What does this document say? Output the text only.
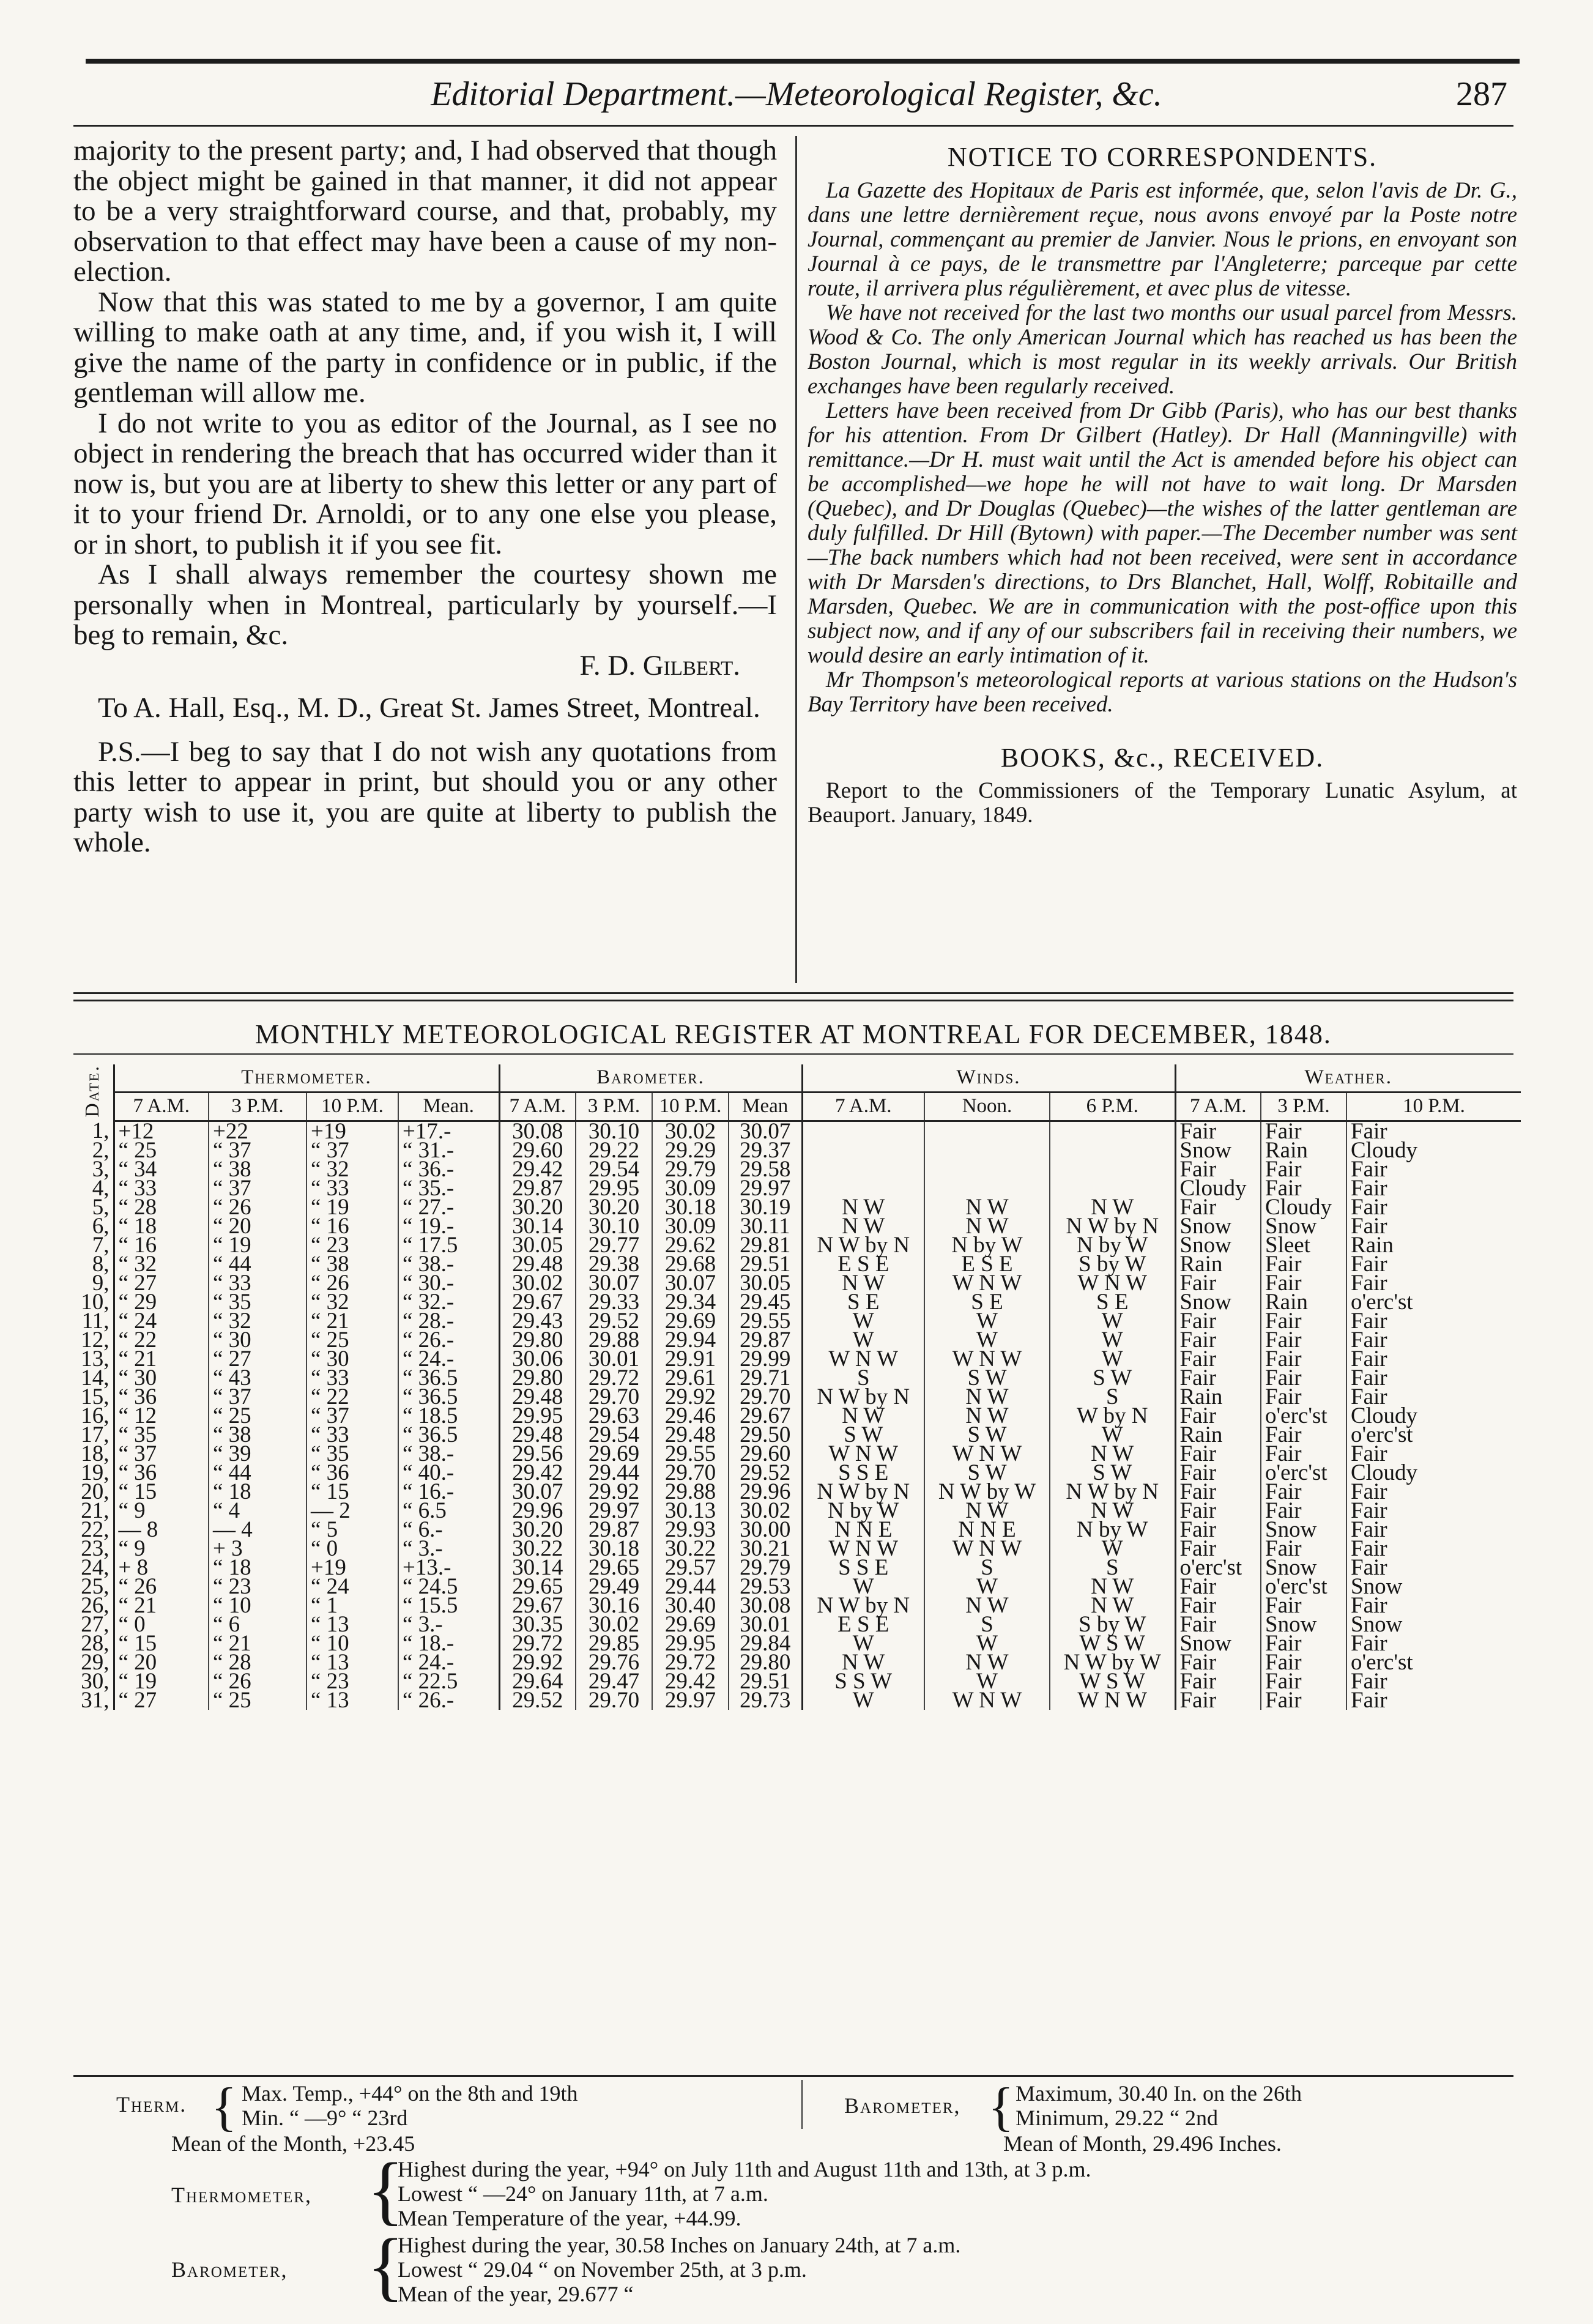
Editorial Department.—Meteorological Register, &c.	287

majority to the present party; and, I had observed that though the object might be gained in that manner, it did not appear to be a very straightforward course, and that, probably, my observation to that effect may have been a cause of my non-election.

Now that this was stated to me by a governor, I am quite willing to make oath at any time, and, if you wish it, I will give the name of the party in confidence or in public, if the gentleman will allow me.

I do not write to you as editor of the Journal, as I see no object in rendering the breach that has occurred wider than it now is, but you are at liberty to shew this letter or any part of it to your friend Dr. Arnoldi, or to any one else you please, or in short, to publish it if you see fit.

As I shall always remember the courtesy shown me personally when in Montreal, particularly by yourself.—I beg to remain, &c.

F. D. Gilbert.

To A. Hall, Esq., M. D., Great St. James Street, Montreal.

P.S.—I beg to say that I do not wish any quotations from this letter to appear in print, but should you or any other party wish to use it, you are quite at liberty to publish the whole.

NOTICE TO CORRESPONDENTS.

La Gazette des Hopitaux de Paris est informée, que, selon l'avis de Dr. G., dans une lettre dernièrement reçue, nous avons envoyé par la Poste notre Journal, commençant au premier de Janvier. Nous le prions, en envoyant son Journal à ce pays, de le transmettre par l'Angleterre; parceque par cette route, il arrivera plus régulièrement, et avec plus de vitesse.

We have not received for the last two months our usual parcel from Messrs. Wood & Co. The only American Journal which has reached us has been the Boston Journal, which is most regular in its weekly arrivals. Our British exchanges have been regularly received.

Letters have been received from Dr Gibb (Paris), who has our best thanks for his attention. From Dr Gilbert (Hatley). Dr Hall (Manningville) with remittance.—Dr H. must wait until the Act is amended before his object can be accomplished—we hope he will not have to wait long. Dr Marsden (Quebec), and Dr Douglas (Quebec)—the wishes of the latter gentleman are duly fulfilled. Dr Hill (Bytown) with paper.—The December number was sent—The back numbers which had not been received, were sent in accordance with Dr Marsden's directions, to Drs Blanchet, Hall, Wolff, Robitaille and Marsden, Quebec. We are in communication with the post-office upon this subject now, and if any of our subscribers fail in receiving their numbers, we would desire an early intimation of it.

Mr Thompson's meteorological reports at various stations on the Hudson's Bay Territory have been received.

BOOKS, &c., RECEIVED.
Report to the Commissioners of the Temporary Lunatic Asylum, at Beauport. January, 1849.
MONTHLY METEOROLOGICAL REGISTER AT MONTREAL FOR DECEMBER, 1848.
Date.	Thermometer.				Barometer.				Winds.			Weather.		
	7 A.M.	3 P.M.	10 P.M.	Mean.	7 A.M.	3 P.M.	10 P.M.	Mean	7 A.M.	Noon.	6 P.M.	7 A.M.	3 P.M.	10 P.M.
1,	+12	+22	+19	+17.-	30.08	30.10	30.02	30.07				Fair	Fair	Fair
2,	“ 25	“ 37	“ 37	“ 31.-	29.60	29.22	29.29	29.37				Snow	Rain	Cloudy
3,	“ 34	“ 38	“ 32	“ 36.-	29.42	29.54	29.79	29.58				Fair	Fair	Fair
4,	“ 33	“ 37	“ 33	“ 35.-	29.87	29.95	30.09	29.97				Cloudy	Fair	Fair
5,	“ 28	“ 26	“ 19	“ 27.-	30.20	30.20	30.18	30.19	N W	N W	N W	Fair	Cloudy	Fair
6,	“ 18	“ 20	“ 16	“ 19.-	30.14	30.10	30.09	30.11	N W	N W	N W by N	Snow	Snow	Fair
7,	“ 16	“ 19	“ 23	“ 17.5	30.05	29.77	29.62	29.81	N W by N	N by W	N by W	Snow	Sleet	Rain
8,	“ 32	“ 44	“ 38	“ 38.-	29.48	29.38	29.68	29.51	E S E	E S E	S by W	Rain	Fair	Fair
9,	“ 27	“ 33	“ 26	“ 30.-	30.02	30.07	30.07	30.05	N W	W N W	W N W	Fair	Fair	Fair
10,	“ 29	“ 35	“ 32	“ 32.-	29.67	29.33	29.34	29.45	S E	S E	S E	Snow	Rain	o'erc'st
11,	“ 24	“ 32	“ 21	“ 28.-	29.43	29.52	29.69	29.55	W	W	W	Fair	Fair	Fair
12,	“ 22	“ 30	“ 25	“ 26.-	29.80	29.88	29.94	29.87	W	W	W	Fair	Fair	Fair
13,	“ 21	“ 27	“ 30	“ 24.-	30.06	30.01	29.91	29.99	W N W	W N W	W	Fair	Fair	Fair
14,	“ 30	“ 43	“ 33	“ 36.5	29.80	29.72	29.61	29.71	S	S W	S W	Fair	Fair	Fair
15,	“ 36	“ 37	“ 22	“ 36.5	29.48	29.70	29.92	29.70	N W by N	N W	S	Rain	Fair	Fair
16,	“ 12	“ 25	“ 37	“ 18.5	29.95	29.63	29.46	29.67	N W	N W	W by N	Fair	o'erc'st	Cloudy
17,	“ 35	“ 38	“ 33	“ 36.5	29.48	29.54	29.48	29.50	S W	S W	W	Rain	Fair	o'erc'st
18,	“ 37	“ 39	“ 35	“ 38.-	29.56	29.69	29.55	29.60	W N W	W N W	N W	Fair	Fair	Fair
19,	“ 36	“ 44	“ 36	“ 40.-	29.42	29.44	29.70	29.52	S S E	S W	S W	Fair	o'erc'st	Cloudy
20,	“ 15	“ 18	“ 15	“ 16.-	30.07	29.92	29.88	29.96	N W by N	N W by W	N W by N	Fair	Fair	Fair
21,	“ 9	“ 4	— 2	“ 6.5	29.96	29.97	30.13	30.02	N by W	N W	N W	Fair	Fair	Fair
22,	— 8	— 4	“ 5	“ 6.-	30.20	29.87	29.93	30.00	N N E	N N E	N by W	Fair	Snow	Fair
23,	“ 9	+ 3	“ 0	“ 3.-	30.22	30.18	30.22	30.21	W N W	W N W	W	Fair	Fair	Fair
24,	+ 8	“ 18	+19	+13.-	30.14	29.65	29.57	29.79	S S E	S	S	o'erc'st	Snow	Fair
25,	“ 26	“ 23	“ 24	“ 24.5	29.65	29.49	29.44	29.53	W	W	N W	Fair	o'erc'st	Snow
26,	“ 21	“ 10	“ 1	“ 15.5	29.67	30.16	30.40	30.08	N W by N	N W	N W	Fair	Fair	Fair
27,	“ 0	“ 6	“ 13	“ 3.-	30.35	30.02	29.69	30.01	E S E	S	S by W	Fair	Snow	Snow
28,	“ 15	“ 21	“ 10	“ 18.-	29.72	29.85	29.95	29.84	W	W	W S W	Snow	Fair	Fair
29,	“ 20	“ 28	“ 13	“ 24.-	29.92	29.76	29.72	29.80	N W	N W	N W by W	Fair	Fair	o'erc'st
30,	“ 19	“ 26	“ 23	“ 22.5	29.64	29.47	29.42	29.51	S S W	W	W S W	Fair	Fair	Fair
31,	“ 27	“ 25	“ 13	“ 26.-	29.52	29.70	29.97	29.73	W	W N W	W N W	Fair	Fair	Fair
Therm. { Max. Temp., +44° on the 8th and 19th
Min. “ —9° “ 23rd
Mean of the Month, +23.45
Barometer, { Maximum, 30.40 In. on the 26th
Minimum, 29.22 “ 2nd
Mean of Month, 29.496 Inches.
Thermometer, {
Highest during the year, +94° on July 11th and August 11th and 13th, at 3 p.m.
Lowest “ —24° on January 11th, at 7 a.m.
Mean Temperature of the year, +44.99.
Barometer, {
Highest during the year, 30.58 Inches on January 24th, at 7 a.m.
Lowest “ 29.04 “ on November 25th, at 3 p.m.
Mean of the year, 29.677 “
